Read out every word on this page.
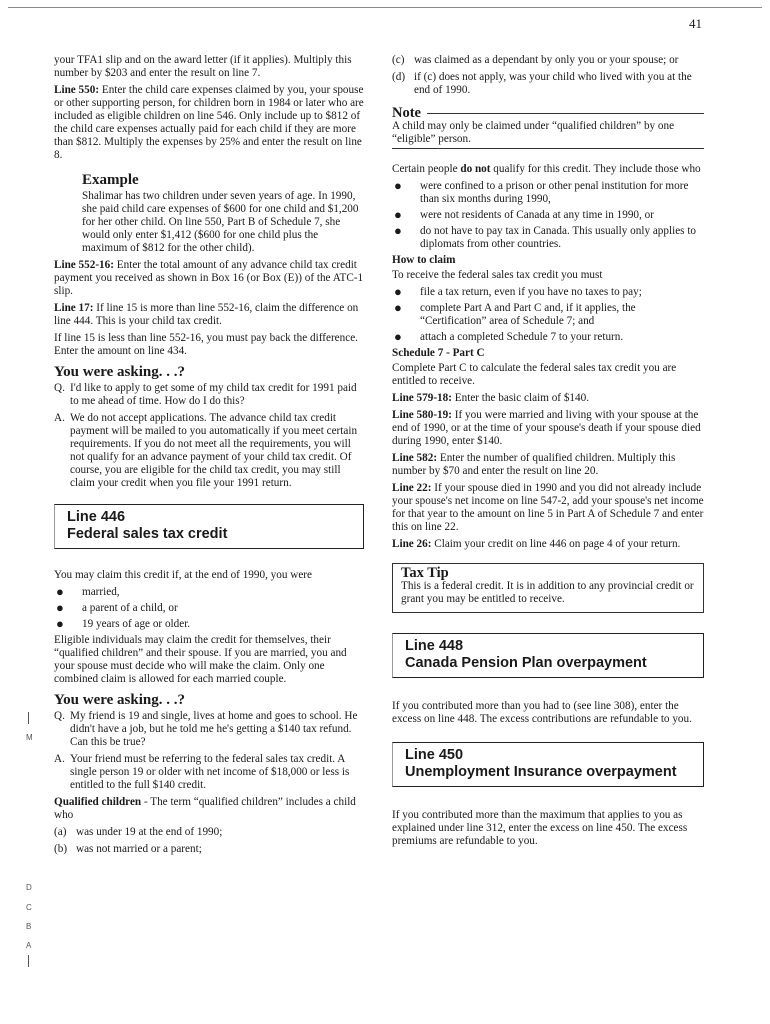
41
M
D
C
B
A

your TFA1 slip and on the award letter (if it applies). Multiply this number by $203 and enter the result on line 7.

Line 550: Enter the child care expenses claimed by you, your spouse or other supporting person, for children born in 1984 or later who are included as eligible children on line 546. Only include up to $812 of the child care expenses actually paid for each child if they are more than $812. Multiply the expenses by 25% and enter the result on line 8.

Example

Shalimar has two children under seven years of age. In 1990, she paid child care expenses of $600 for one child and $1,200 for her other child. On line 550, Part B of Schedule 7, she would only enter $1,412 ($600 for one child plus the maximum of $812 for the other child).

Line 552-16: Enter the total amount of any advance child tax credit payment you received as shown in Box 16 (or Box (E)) of the ATC-1 slip.

Line 17: If line 15 is more than line 552-16, claim the difference on line 444. This is your child tax credit.

If line 15 is less than line 552-16, you must pay back the difference. Enter the amount on line 434.

You were asking. . .?
Q. I'd like to apply to get some of my child tax credit for 1991 paid to me ahead of time. How do I do this?
A. We do not accept applications. The advance child tax credit payment will be mailed to you automatically if you meet certain requirements. If you do not meet all the requirements, you will not qualify for an advance payment of your child tax credit. Of course, you are eligible for the child tax credit, you may still claim your credit when you file your 1991 return.
Line 446
Federal sales tax credit

You may claim this credit if, at the end of 1990, you were

●	married,
●	a parent of a child, or
●	19 years of age or older.

Eligible individuals may claim the credit for themselves, their “qualified children” and their spouse. If you are married, you and your spouse must decide who will make the claim. Only one combined claim is allowed for each married couple.

You were asking. . .?
Q. My friend is 19 and single, lives at home and goes to school. He didn't have a job, but he told me he's getting a $140 tax refund. Can this be true?
A. Your friend must be referring to the federal sales tax credit. A single person 19 or older with net income of $18,000 or less is entitled to the full $140 credit.

Qualified children - The term “qualified children” includes a child who

(a) was under 19 at the end of 1990;
(b) was not married or a parent;
(c) was claimed as a dependant by only you or your spouse; or
(d) if (c) does not apply, was your child who lived with you at the end of 1990.
Note
A child may only be claimed under “qualified children” by one “eligible” person.

Certain people do not qualify for this credit. They include those who

●	were confined to a prison or other penal institution for more than six months during 1990,
●	were not residents of Canada at any time in 1990, or
●	do not have to pay tax in Canada. This usually only applies to diplomats from other countries.
How to claim

To receive the federal sales tax credit you must

●	file a tax return, even if you have no taxes to pay;
●	complete Part A and Part C and, if it applies, the “Certification” area of Schedule 7; and
●	attach a completed Schedule 7 to your return.
Schedule 7 - Part C

Complete Part C to calculate the federal sales tax credit you are entitled to receive.

Line 579-18: Enter the basic claim of $140.

Line 580-19: If you were married and living with your spouse at the end of 1990, or at the time of your spouse's death if your spouse died during 1990, enter $140.

Line 582: Enter the number of qualified children. Multiply this number by $70 and enter the result on line 20.

Line 22: If your spouse died in 1990 and you did not already include your spouse's net income on line 547-2, add your spouse's net income for that year to the amount on line 5 in Part A of Schedule 7 and enter this on line 22.

Line 26: Claim your credit on line 446 on page 4 of your return.

Tax Tip
This is a federal credit. It is in addition to any provincial credit or grant you may be entitled to receive.
Line 448
Canada Pension Plan overpayment

If you contributed more than you had to (see line 308), enter the excess on line 448. The excess contributions are refundable to you.

Line 450
Unemployment Insurance overpayment

If you contributed more than the maximum that applies to you as explained under line 312, enter the excess on line 450. The excess premiums are refundable to you.
